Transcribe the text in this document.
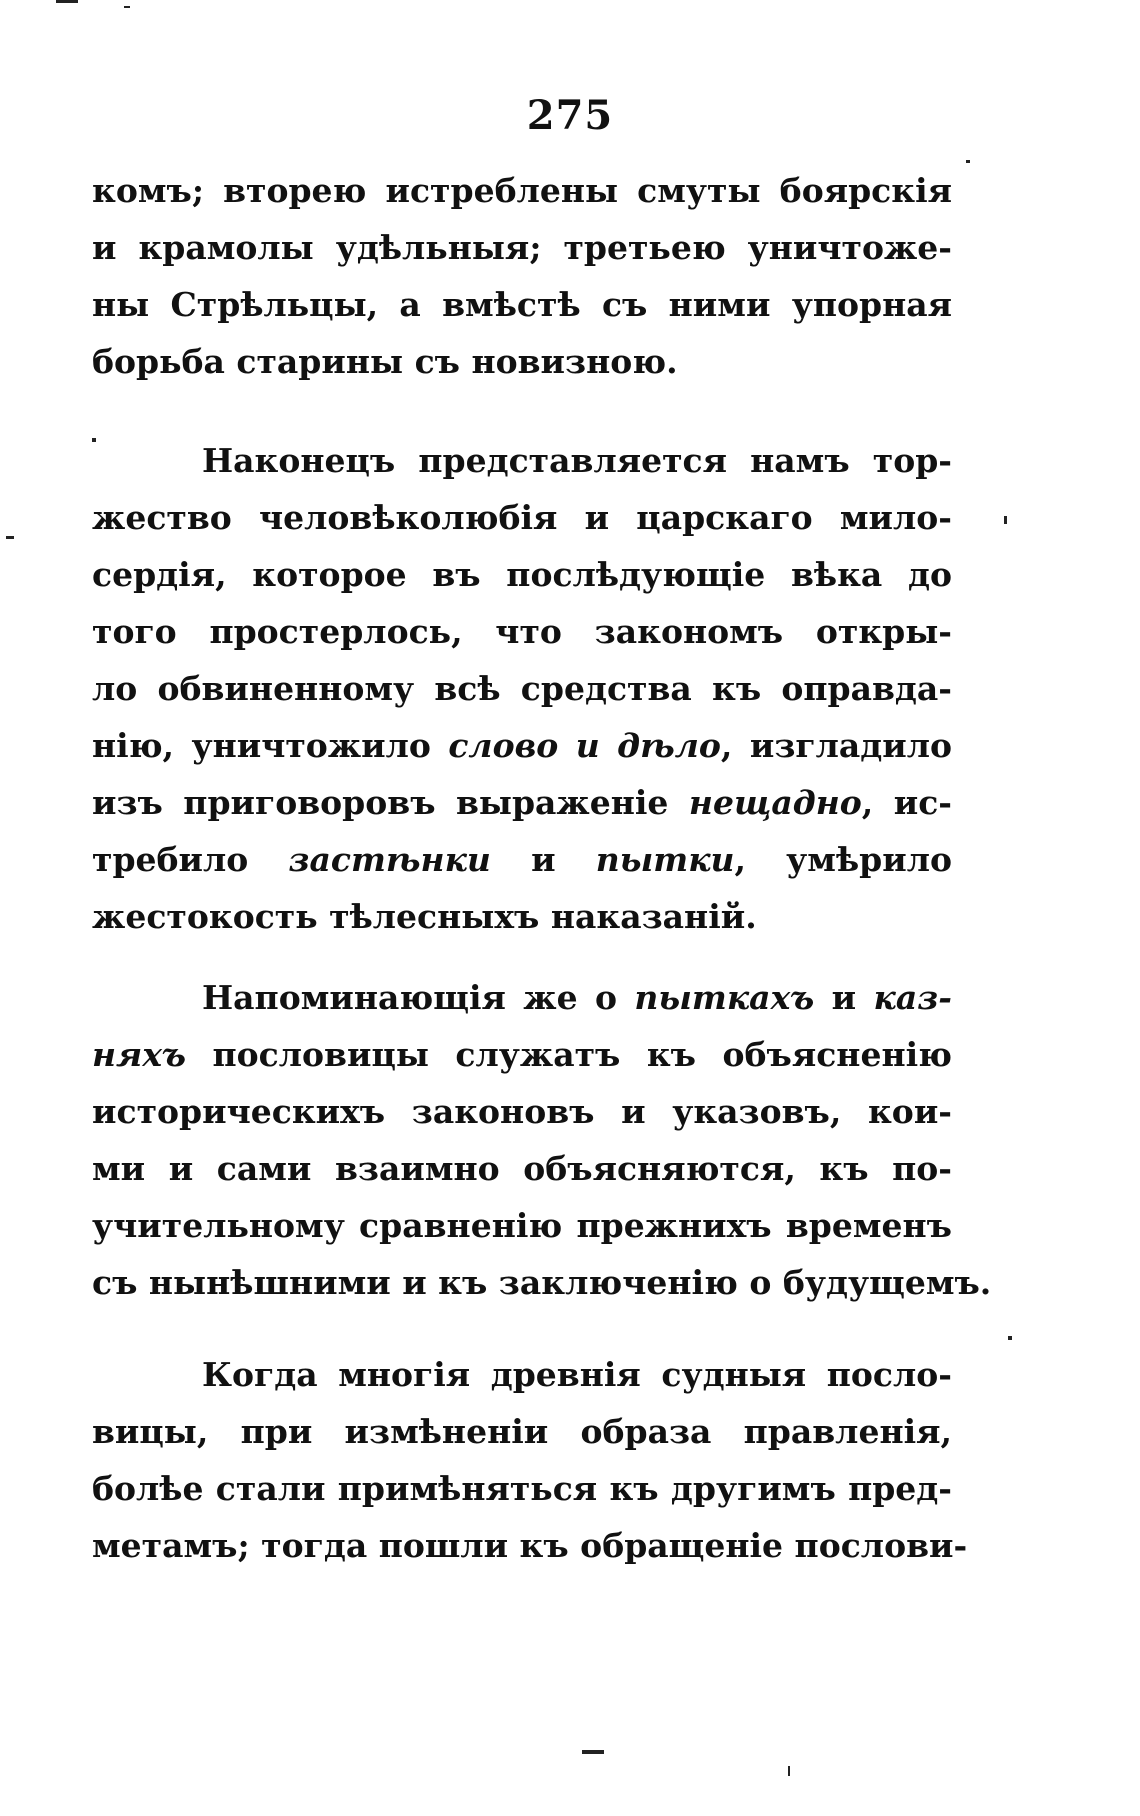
275
комъ; вторею истреблены смуты боярскія
и крамолы удѣльныя; третьею уничтоже-
ны Стрѣльцы, а вмѣстѣ съ ними упорная
борьба старины съ новизною.
Наконецъ представляется намъ тор-
жество человѣколюбія и царскаго мило-
сердія, которое въ послѣдующіе вѣка до
того простерлось, что закономъ откры-
ло обвиненному всѣ средства къ оправда-
нію, уничтожило слово и дѣло, изгладило
изъ приговоровъ выраженіе нещадно, ис-
требило застѣнки и пытки, умѣрило
жестокость тѣлесныхъ наказаній.
Напоминающія же о пыткахъ и каз-
няхъ пословицы служатъ къ объясненію
историческихъ законовъ и указовъ, кои-
ми и сами взаимно объясняются, къ по-
учительному сравненію прежнихъ временъ
съ нынѣшними и къ заключенію о будущемъ.
Когда многія древнія судныя посло-
вицы, при измѣненіи образа правленія,
болѣе стали примѣняться къ другимъ пред-
метамъ; тогда пошли къ обращеніе послови-
